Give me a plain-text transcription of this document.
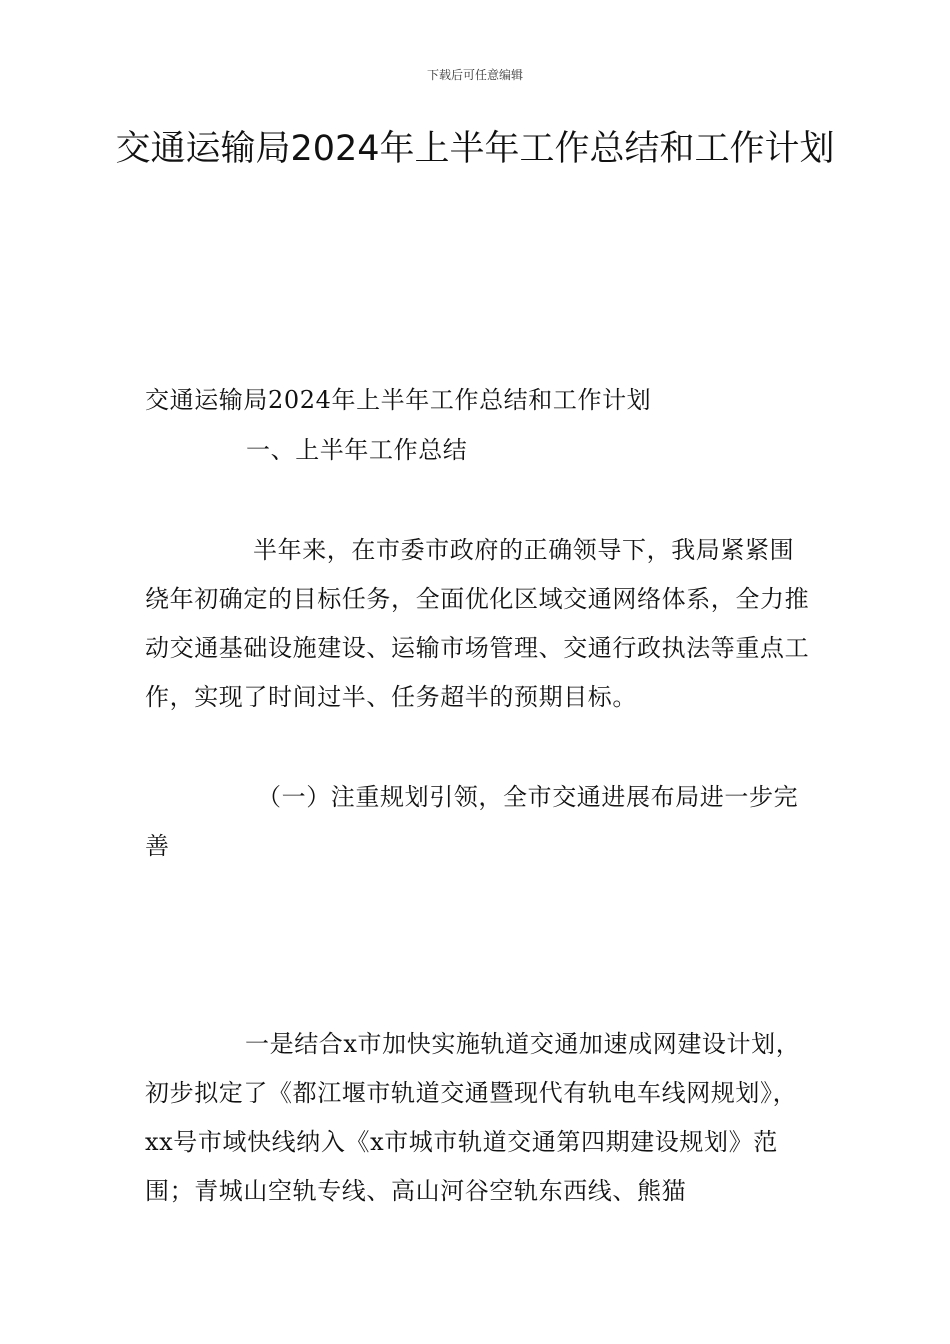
下载后可任意编辑
交通运输局2024年上半年工作总结和工作计划

交通运输局2024年上半年工作总结和工作计划

一、上半年工作总结

半年来，在市委市政府的正确领导下，我局紧紧围绕年初确定的目标任务，全面优化区域交通网络体系，全力推动交通基础设施建设、运输市场管理、交通行政执法等重点工作，实现了时间过半、任务超半的预期目标。

（一）注重规划引领，全市交通进展布局进一步完善

一是结合x市加快实施轨道交通加速成网建设计划，初步拟定了《都江堰市轨道交通暨现代有轨电车线网规划》，xx号市域快线纳入《x市城市轨道交通第四期建设规划》范围；青城山空轨专线、高山河谷空轨东西线、熊猫
